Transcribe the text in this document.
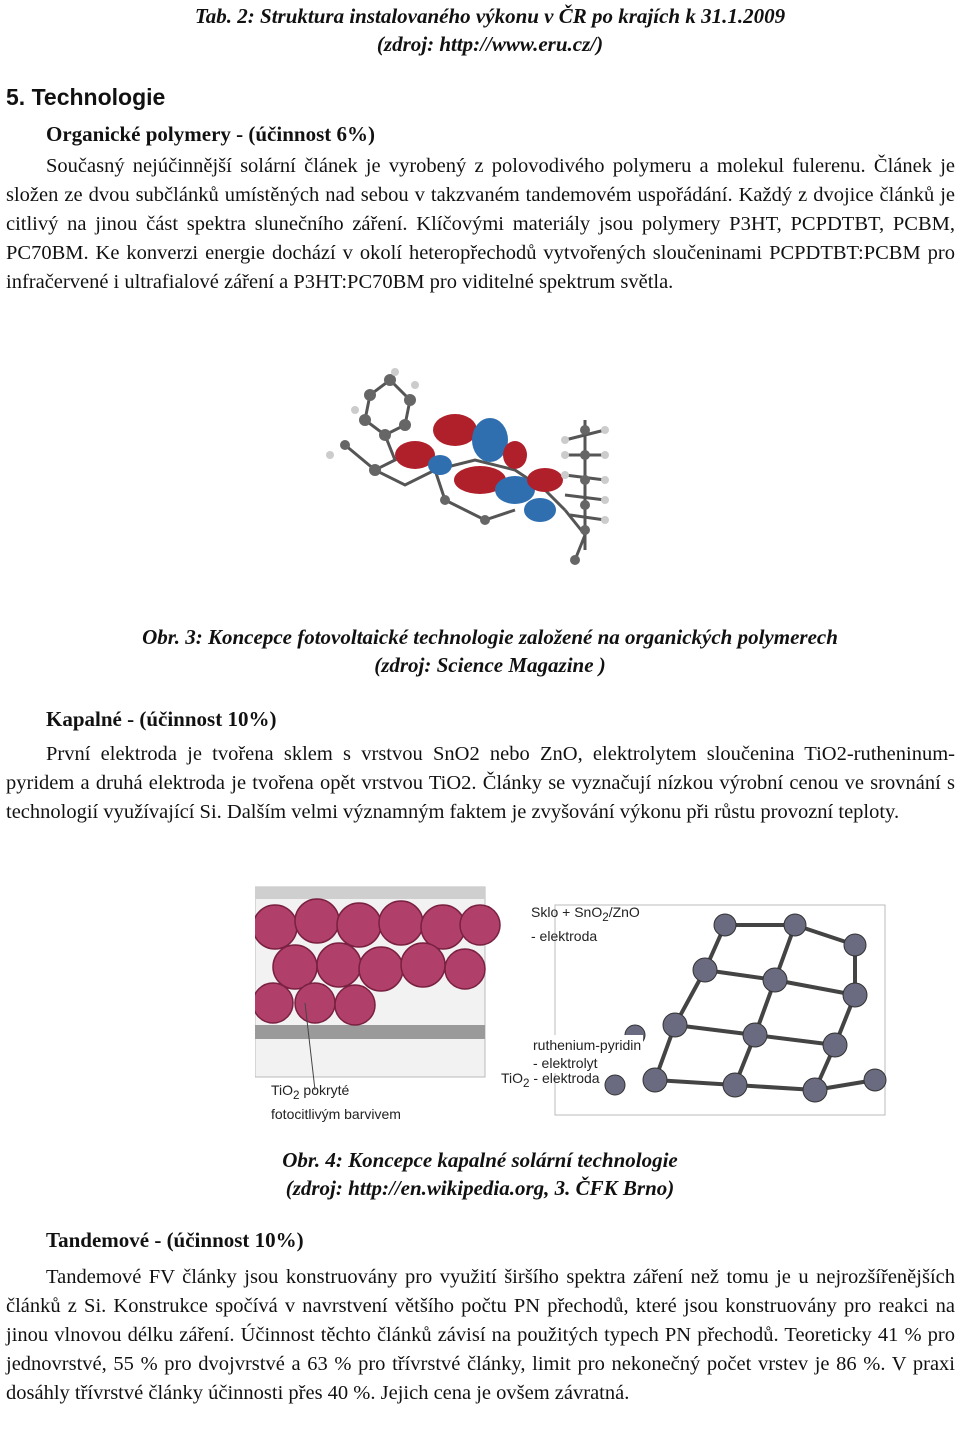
Tab. 2: Struktura instalovaného výkonu v ČR po krajích k 31.1.2009
(zdroj: http://www.eru.cz/)
5. Technologie
Organické polymery - (účinnost 6%)
Současný nejúčinnější solární článek je vyrobený z polovodivého polymeru a molekul fulerenu. Článek je složen ze dvou subčlánků umístěných nad sebou v takzvaném tandemovém uspořádání. Každý z dvojice článků je citlivý na jinou část spektra slunečního záření. Klíčovými materiály jsou polymery P3HT, PCPDTBT, PCBM, PC70BM. Ke konverzi energie dochází v okolí heteropřechodů vytvořených sloučeninami PCPDTBT:PCBM pro infračervené i ultrafialové záření a P3HT:PC70BM pro viditelné spektrum světla.
Obr. 3: Koncepce fotovoltaické technologie založené na organických polymerech
(zdroj: Science Magazine )
Kapalné - (účinnost 10%)
První elektroda je tvořena sklem s vrstvou SnO2 nebo ZnO, elektrolytem sloučenina TiO2-rutheninum-pyridem a druhá elektroda je tvořena opět vrstvou TiO2. Články se vyznačují nízkou výrobní cenou ve srovnání s technologií využívající Si. Dalším velmi významným faktem je zvyšování výkonu při růstu provozní teploty.
Sklo + SnO$_2$/ZnO
- elektroda
ruthenium-pyridin
- elektrolyt
TiO$_2$ - elektroda
TiO$_2$ pokryté
fotocitlivým barvivem
Obr. 4: Koncepce kapalné solární technologie
(zdroj: http://en.wikipedia.org, 3. ČFK Brno)
Tandemové - (účinnost 10%)
Tandemové FV články jsou konstruovány pro využití širšího spektra záření než tomu je u nejrozšířenějších článků z Si. Konstrukce spočívá v navrstvení většího počtu PN přechodů, které jsou konstruovány pro reakci na jinou vlnovou délku záření. Účinnost těchto článků závisí na použitých typech PN přechodů. Teoreticky 41 % pro jednovrstvé, 55 % pro dvojvrstvé a 63 % pro třívrstvé články, limit pro nekonečný počet vrstev je 86 %. V praxi dosáhly třívrstvé články účinnosti přes 40 %. Jejich cena je ovšem závratná.
